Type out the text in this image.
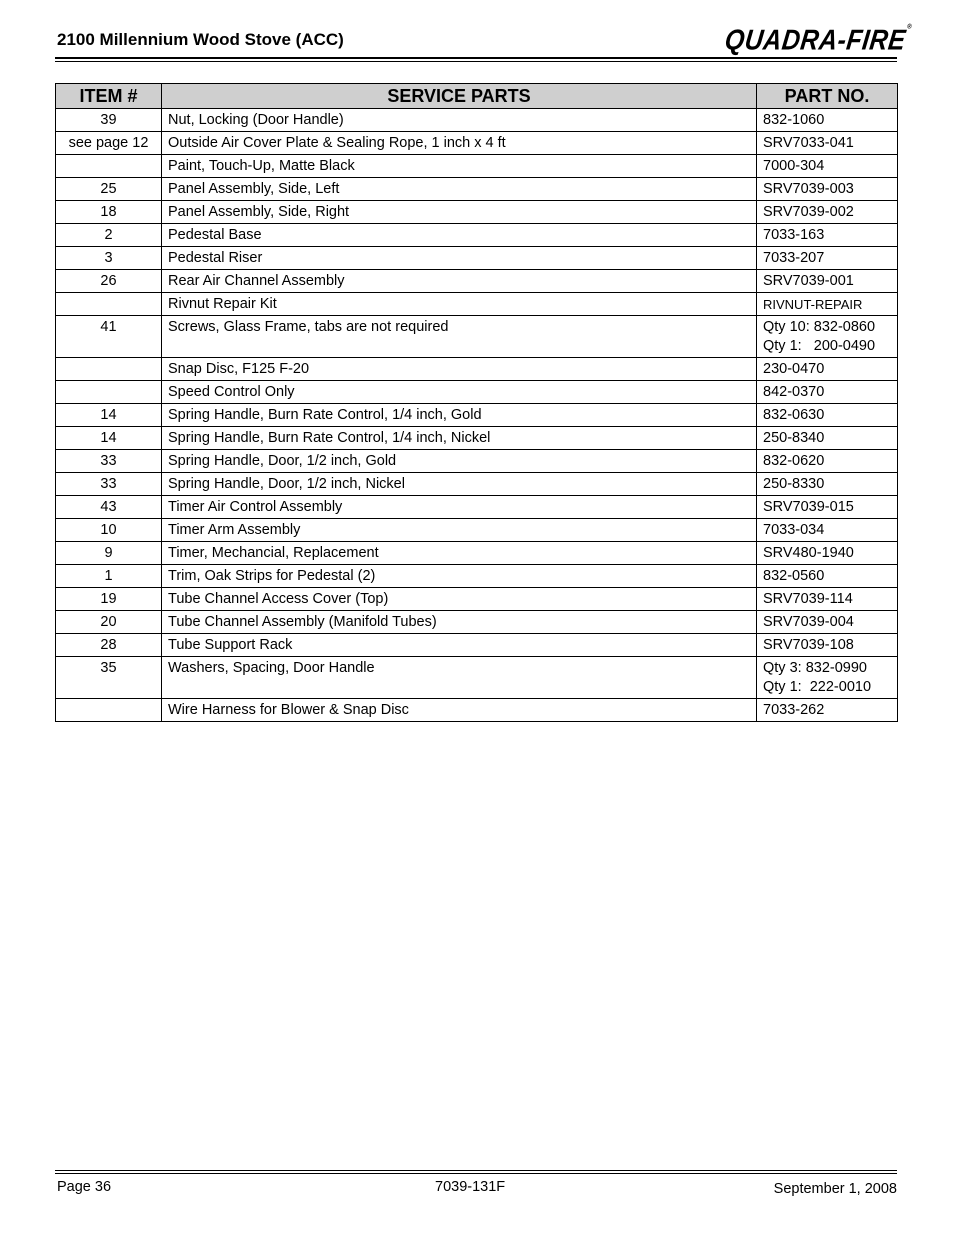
2100 Millennium Wood Stove (ACC)	QUADRA-FIRE®
ITEM #	SERVICE PARTS	PART NO.
39	Nut, Locking (Door Handle)	832-1060
see page 12	Outside Air Cover Plate & Sealing Rope, 1 inch x 4 ft	SRV7033-041
	Paint, Touch-Up, Matte Black	7000-304
25	Panel Assembly, Side, Left	SRV7039-003
18	Panel Assembly, Side, Right	SRV7039-002
2	Pedestal Base	7033-163
3	Pedestal Riser	7033-207
26	Rear Air Channel Assembly	SRV7039-001
	Rivnut Repair Kit	RIVNUT-REPAIR
41	Screws, Glass Frame, tabs are not required	Qty 10: 832-0860
Qty 1:   200-0490
	Snap Disc, F125 F-20	230-0470
	Speed Control Only	842-0370
14	Spring Handle, Burn Rate Control, 1/4 inch, Gold	832-0630
14	Spring Handle, Burn Rate Control, 1/4 inch, Nickel	250-8340
33	Spring Handle, Door, 1/2 inch, Gold	832-0620
33	Spring Handle, Door, 1/2 inch, Nickel	250-8330
43	Timer Air Control Assembly	SRV7039-015
10	Timer Arm Assembly	7033-034
9	Timer, Mechancial, Replacement	SRV480-1940
1	Trim, Oak Strips for Pedestal (2)	832-0560
19	Tube Channel Access Cover (Top)	SRV7039-114
20	Tube Channel Assembly (Manifold Tubes)	SRV7039-004
28	Tube Support Rack	SRV7039-108
35	Washers, Spacing, Door Handle	Qty 3: 832-0990
Qty 1:  222-0010
	Wire Harness for Blower & Snap Disc	7033-262
Page 36	7039-131F	September 1, 2008
